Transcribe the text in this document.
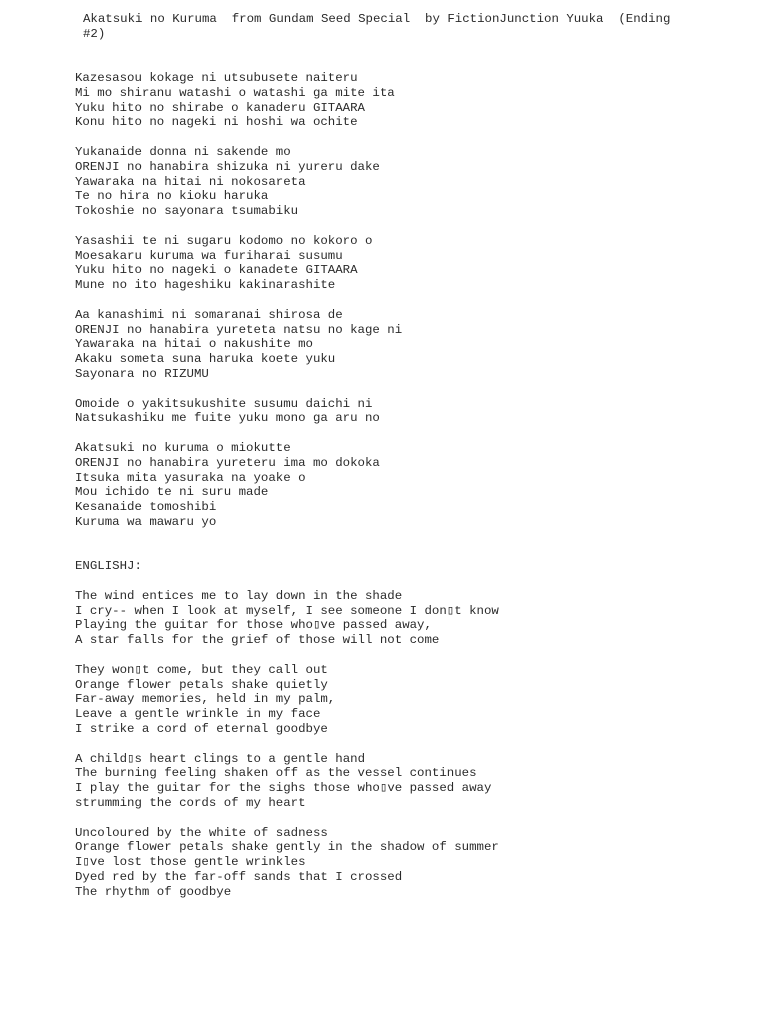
Akatsuki no Kuruma  from Gundam Seed Special  by FictionJunction Yuuka  (Ending #2)
Kazesasou kokage ni utsubusete naiteru
Mi mo shiranu watashi o watashi ga mite ita
Yuku hito no shirabe o kanaderu GITAARA
Konu hito no nageki ni hoshi wa ochite
Yukanaide donna ni sakende mo
ORENJI no hanabira shizuka ni yureru dake
Yawaraka na hitai ni nokosareta
Te no hira no kioku haruka
Tokoshie no sayonara tsumabiku
Yasashii te ni sugaru kodomo no kokoro o
Moesakaru kuruma wa furiharai susumu
Yuku hito no nageki o kanadete GITAARA
Mune no ito hageshiku kakinarashite
Aa kanashimi ni somaranai shirosa de
ORENJI no hanabira yureteta natsu no kage ni
Yawaraka na hitai o nakushite mo
Akaku someta suna haruka koete yuku
Sayonara no RIZUMU
Omoide o yakitsukushite susumu daichi ni
Natsukashiku me fuite yuku mono ga aru no
Akatsuki no kuruma o miokutte
ORENJI no hanabira yureteru ima mo dokoka
Itsuka mita yasuraka na yoake o
Mou ichido te ni suru made
Kesanaide tomoshibi
Kuruma wa mawaru yo
ENGLISHJ:
The wind entices me to lay down in the shade
I cry-- when I look at myself, I see someone I don▯t know
Playing the guitar for those who▯ve passed away,
A star falls for the grief of those will not come
They won▯t come, but they call out
Orange flower petals shake quietly
Far-away memories, held in my palm,
Leave a gentle wrinkle in my face
I strike a cord of eternal goodbye
A child▯s heart clings to a gentle hand
The burning feeling shaken off as the vessel continues
I play the guitar for the sighs those who▯ve passed away
strumming the cords of my heart
Uncoloured by the white of sadness
Orange flower petals shake gently in the shadow of summer
I▯ve lost those gentle wrinkles
Dyed red by the far-off sands that I crossed
The rhythm of goodbye
